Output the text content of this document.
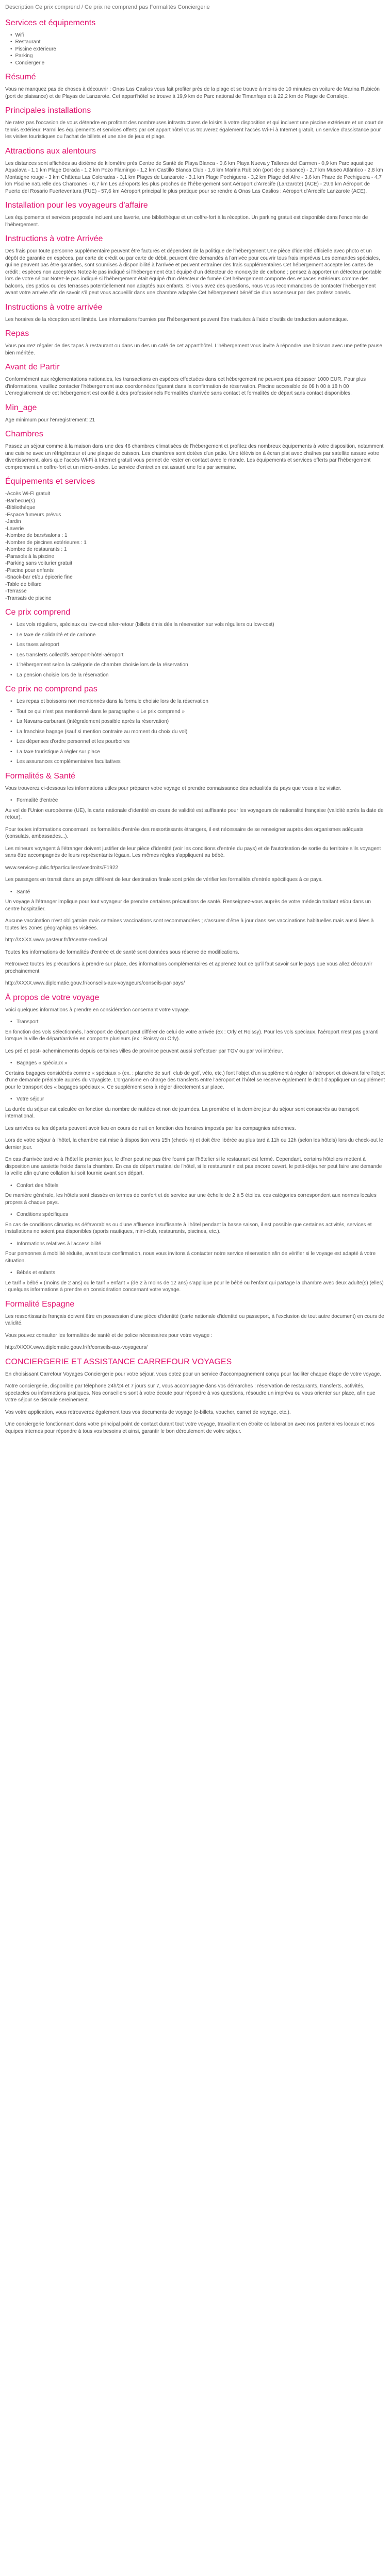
Description Ce prix comprend / Ce prix ne comprend pas Formalités Conciergerie
Services et équipements
• Wifi
• Restaurant
• Piscine extérieure
• Parking
• Conciergerie
Résumé

Vous ne manquez pas de choses à découvrir : Onas Las Caslios vous fait profiter près de la plage et se trouve à moins de 10 minutes en voiture de Marina Rubicón (port de plaisance) et de Playas de Lanzarote. Cet appart'hôtel se trouve à 19,9 km de Parc national de Timanfaya et à 22,2 km de Plage de Corralejo.

Principales installations

Ne ratez pas l'occasion de vous détendre en profitant des nombreuses infrastructures de loisirs à votre disposition et qui incluent une piscine extérieure et un court de tennis extérieur. Parmi les équipements et services offerts par cet appart'hôtel vous trouverez également l'accès Wi-Fi à Internet gratuit, un service d'assistance pour les visites touristiques ou l'achat de billets et une aire de jeux et plage.

Attractions aux alentours

Les distances sont affichées au dixième de kilomètre près Centre de Santé de Playa Blanca - 0,6 km Playa Nueva y Talleres del Carmen - 0,9 km Parc aquatique Aqualava - 1,1 km Plage Dorada - 1,2 km Pozo Flamingo - 1,2 km Castillo Blanca Club - 1,6 km Marina Rubicón (port de plaisance) - 2,7 km Museo Atlántico - 2,8 km Montaigne rouge - 3 km Château Las Coloradas - 3,1 km Plages de Lanzarote - 3,1 km Plage Pechiguera - 3,2 km Plage del Afre - 3,6 km Phare de Pechiguera - 4,7 km Piscine naturelle des Charcones - 6,7 km Les aéroports les plus proches de l'hébergement sont Aéroport d'Arrecife (Lanzarote) (ACE) - 29,9 km Aéroport de Puerto del Rosario Fuerteventura (FUE) - 57,6 km Aéroport principal le plus pratique pour se rendre à Onas Las Caslios : Aéroport d'Arrecife Lanzarote (ACE).

Installation pour les voyageurs d'affaire

Les équipements et services proposés incluent une laverie, une bibliothèque et un coffre-fort à la réception. Un parking gratuit est disponible dans l'enceinte de l'hébergement.

Instructions à votre Arrivée

Des frais pour toute personne supplémentaire peuvent être facturés et dépendent de la politique de l'hébergement Une pièce d'identité officielle avec photo et un dépôt de garantie en espèces, par carte de crédit ou par carte de débit, peuvent être demandés à l'arrivée pour couvrir tous frais imprévus Les demandes spéciales, qui ne peuvent pas être garanties, sont soumises à disponibilité à l'arrivée et peuvent entraîner des frais supplémentaires Cet hébergement accepte les cartes de crédit ; espèces non acceptées Notez-le pas indiqué si l'hébergement était équipé d'un détecteur de monoxyde de carbone ; pensez à apporter un détecteur portable lors de votre séjour Notez-le pas indiqué si l'hébergement était équipé d'un détecteur de fumée Cet hébergement comporte des espaces extérieurs comme des balcons, des patios ou des terrasses potentiellement non adaptés aux enfants. Si vous avez des questions, nous vous recommandons de contacter l'hébergement avant votre arrivée afin de savoir s'il peut vous accueillir dans une chambre adaptée Cet hébergement bénéficie d'un ascenseur par des professionnels.

Instructions à votre arrivée

Les horaires de la réception sont limités. Les informations fournies par l'hébergement peuvent être traduites à l'aide d'outils de traduction automatique.

Repas

Vous pourrez régaler de des tapas à restaurant ou dans un des un café de cet appart'hôtel. L'hébergement vous invite à répondre une boisson avec une petite pause bien méritée.

Avant de Partir

Conformément aux réglementations nationales, les transactions en espèces effectuées dans cet hébergement ne peuvent pas dépasser 1000 EUR. Pour plus d'informations, veuillez contacter l'hébergement aux coordonnées figurant dans la confirmation de réservation. Piscine accessible de 08 h 00 à 18 h 00 L'enregistrement de cet hébergement est confié à des professionnels Formalités d'arrivée sans contact et formalités de départ sans contact disponibles.

Min_age

Age minimum pour l'enregistrement: 21

Chambres

Passez un séjour comme à la maison dans une des 46 chambres climatisées de l'hébergement et profitez des nombreux équipements à votre disposition, notamment une cuisine avec un réfrigérateur et une plaque de cuisson. Les chambres sont dotées d'un patio. Une télévision à écran plat avec chaînes par satellite assure votre divertissement, alors que l'accès Wi-Fi à Internet gratuit vous permet de rester en contact avec le monde. Les équipements et services offerts par l'hébergement comprennent un coffre-fort et un micro-ondes. Le service d'entretien est assuré une fois par semaine.

Équipements et services
-Accès Wi-Fi gratuit
-Barbecue(s)
-Bibliothèque
-Espace fumeurs prévus
-Jardin
-Laverie
-Nombre de bars/salons : 1
-Nombre de piscines extérieures : 1
-Nombre de restaurants : 1
-Parasols à la piscine
-Parking sans voiturier gratuit
-Piscine pour enfants
-Snack-bar et/ou épicerie fine
-Table de billard
-Terrasse
-Transats de piscine
Ce prix comprend
• Les vols réguliers, spéciaux ou low-cost aller-retour (billets émis dès la réservation sur vols réguliers ou low-cost)
• Le taxe de solidarité et de carbone
• Les taxes aéroport
• Les transferts collectifs aéroport-hôtel-aéroport
• L'hébergement selon la catégorie de chambre choisie lors de la réservation
• La pension choisie lors de la réservation
Ce prix ne comprend pas
• Les repas et boissons non mentionnés dans la formule choisie lors de la réservation
• Tout ce qui n'est pas mentionné dans le paragraphe « Le prix comprend »
• La Navarra-carburant (intégralement possible après la réservation)
• La franchise bagage (sauf si mention contraire au moment du choix du vol)
• Les dépenses d'ordre personnel et les pourboires
• La taxe touristique à régler sur place
• Les assurances complémentaires facultatives
Formalités & Santé

Vous trouverez ci-dessous les informations utiles pour préparer votre voyage et prendre connaissance des actualités du pays que vous allez visiter.

• Formalité d'entrée

Au vol de l'Union européenne (UE), la carte nationale d'identité en cours de validité est suffisante pour les voyageurs de nationalité française (validité après la date de retour).

Pour toutes informations concernant les formalités d'entrée des ressortissants étrangers, il est nécessaire de se renseigner auprès des organismes adéquats (consulats, ambassades...).

Les mineurs voyagent à l'étranger doivent justifier de leur pièce d'identité (voir les conditions d'entrée du pays) et de l'autorisation de sortie du territoire s'ils voyagent sans être accompagnés de leurs représentants légaux. Les mêmes règles s'appliquent au bébé.

www.service-public.fr/particuliers/vosdroits/F1922

Les passagers en transit dans un pays différent de leur destination finale sont priés de vérifier les formalités d'entrée spécifiques à ce pays.

• Santé

Un voyage à l'étranger implique pour tout voyageur de prendre certaines précautions de santé. Renseignez-vous auprès de votre médecin traitant et/ou dans un centre hospitalier.

Aucune vaccination n'est obligatoire mais certaines vaccinations sont recommandées ; s'assurer d'être à jour dans ses vaccinations habituelles mais aussi liées à toutes les zones géographiques visitées.

http://XXXX.www.pasteur.fr/fr/centre-medical

Toutes les informations de formalités d'entrée et de santé sont données sous réserve de modifications.

Retrouvez toutes les précautions à prendre sur place, des informations complémentaires et apprenez tout ce qu'il faut savoir sur le pays que vous allez découvrir prochainement.

http://XXXX.www.diplomatie.gouv.fr/conseils-aux-voyageurs/conseils-par-pays/

À propos de votre voyage

Voici quelques informations à prendre en considération concernant votre voyage.

• Transport

En fonction des vols sélectionnés, l'aéroport de départ peut différer de celui de votre arrivée (ex : Orly et Roissy). Pour les vols spéciaux, l'aéroport n'est pas garanti lorsque la ville de départ/arrivée en comporte plusieurs (ex : Roissy ou Orly).

Les pré et post- acheminements depuis certaines villes de province peuvent aussi s'effectuer par TGV ou par voi intérieur.

• Bagages « spéciaux »

Certains bagages considérés comme « spéciaux » (ex. : planche de surf, club de golf, vélo, etc.) font l'objet d'un supplément à régler à l'aéroport et doivent faire l'objet d'une demande préalable auprès du voyagiste. L'organisme en charge des transferts entre l'aéroport et l'hôtel se réserve également le droit d'appliquer un supplément pour le transport des « bagages spéciaux ». Ce supplément sera à régler directement sur place.

• Votre séjour

La durée du séjour est calculée en fonction du nombre de nuitées et non de journées. La première et la dernière jour du séjour sont consacrés au transport international.

Les arrivées ou les départs peuvent avoir lieu en cours de nuit en fonction des horaires imposés par les compagnies aériennes.

Lors de votre séjour à l'hôtel, la chambre est mise à disposition vers 15h (check-in) et doit être libérée au plus tard à 11h ou 12h (selon les hôtels) lors du check-out le dernier jour.

En cas d'arrivée tardive à l'hôtel le premier jour, le dîner peut ne pas être fourni par l'hôtelier si le restaurant est fermé. Cependant, certains hôteliers mettent à disposition une assiette froide dans la chambre. En cas de départ matinal de l'hôtel, si le restaurant n'est pas encore ouvert, le petit-déjeuner peut faire une demande la veille afin qu'une collation lui soit fournie avant son départ.

• Confort des hôtels

De manière générale, les hôtels sont classés en termes de confort et de service sur une échelle de 2 à 5 étoiles. ces catégories correspondent aux normes locales propres à chaque pays.

• Conditions spécifiques

En cas de conditions climatiques défavorables ou d'une affluence insuffisante à l'hôtel pendant la basse saison, il est possible que certaines activités, services et installations ne soient pas disponibles (sports nautiques, mini-club, restaurants, piscines, etc.).

• Informations relatives à l'accessibilité

Pour personnes à mobilité réduite, avant toute confirmation, nous vous invitons à contacter notre service réservation afin de vérifier si le voyage est adapté à votre situation.

• Bébés et enfants

Le tarif « bébé » (moins de 2 ans) ou le tarif « enfant » (de 2 à moins de 12 ans) s'applique pour le bébé ou l'enfant qui partage la chambre avec deux adulte(s) (elles) : quelques informations à prendre en considération concernant votre voyage.

Formalité Espagne

Les ressortissants français doivent être en possession d'une pièce d'identité (carte nationale d'identité ou passeport, à l'exclusion de tout autre document) en cours de validité.

Vous pouvez consulter les formalités de santé et de police nécessaires pour votre voyage :

http://XXXX.www.diplomatie.gouv.fr/fr/conseils-aux-voyageurs/

CONCIERGERIE ET ASSISTANCE CARREFOUR VOYAGES

En choisissant Carrefour Voyages Conciergerie pour votre séjour, vous optez pour un service d'accompagnement conçu pour faciliter chaque étape de votre voyage.

Notre conciergerie, disponible par téléphone 24h/24 et 7 jours sur 7, vous accompagne dans vos démarches : réservation de restaurants, transferts, activités, spectacles ou informations pratiques. Nos conseillers sont à votre écoute pour répondre à vos questions, résoudre un imprévu ou vous orienter sur place, afin que votre séjour se déroule sereinement.

Vos votre application, vous retrouverez également tous vos documents de voyage (e-billets, voucher, carnet de voyage, etc.).

Une conciergerie fonctionnant dans votre principal point de contact durant tout votre voyage, travaillant en étroite collaboration avec nos partenaires locaux et nos équipes internes pour répondre à tous vos besoins et ainsi, garantir le bon déroulement de votre séjour.
